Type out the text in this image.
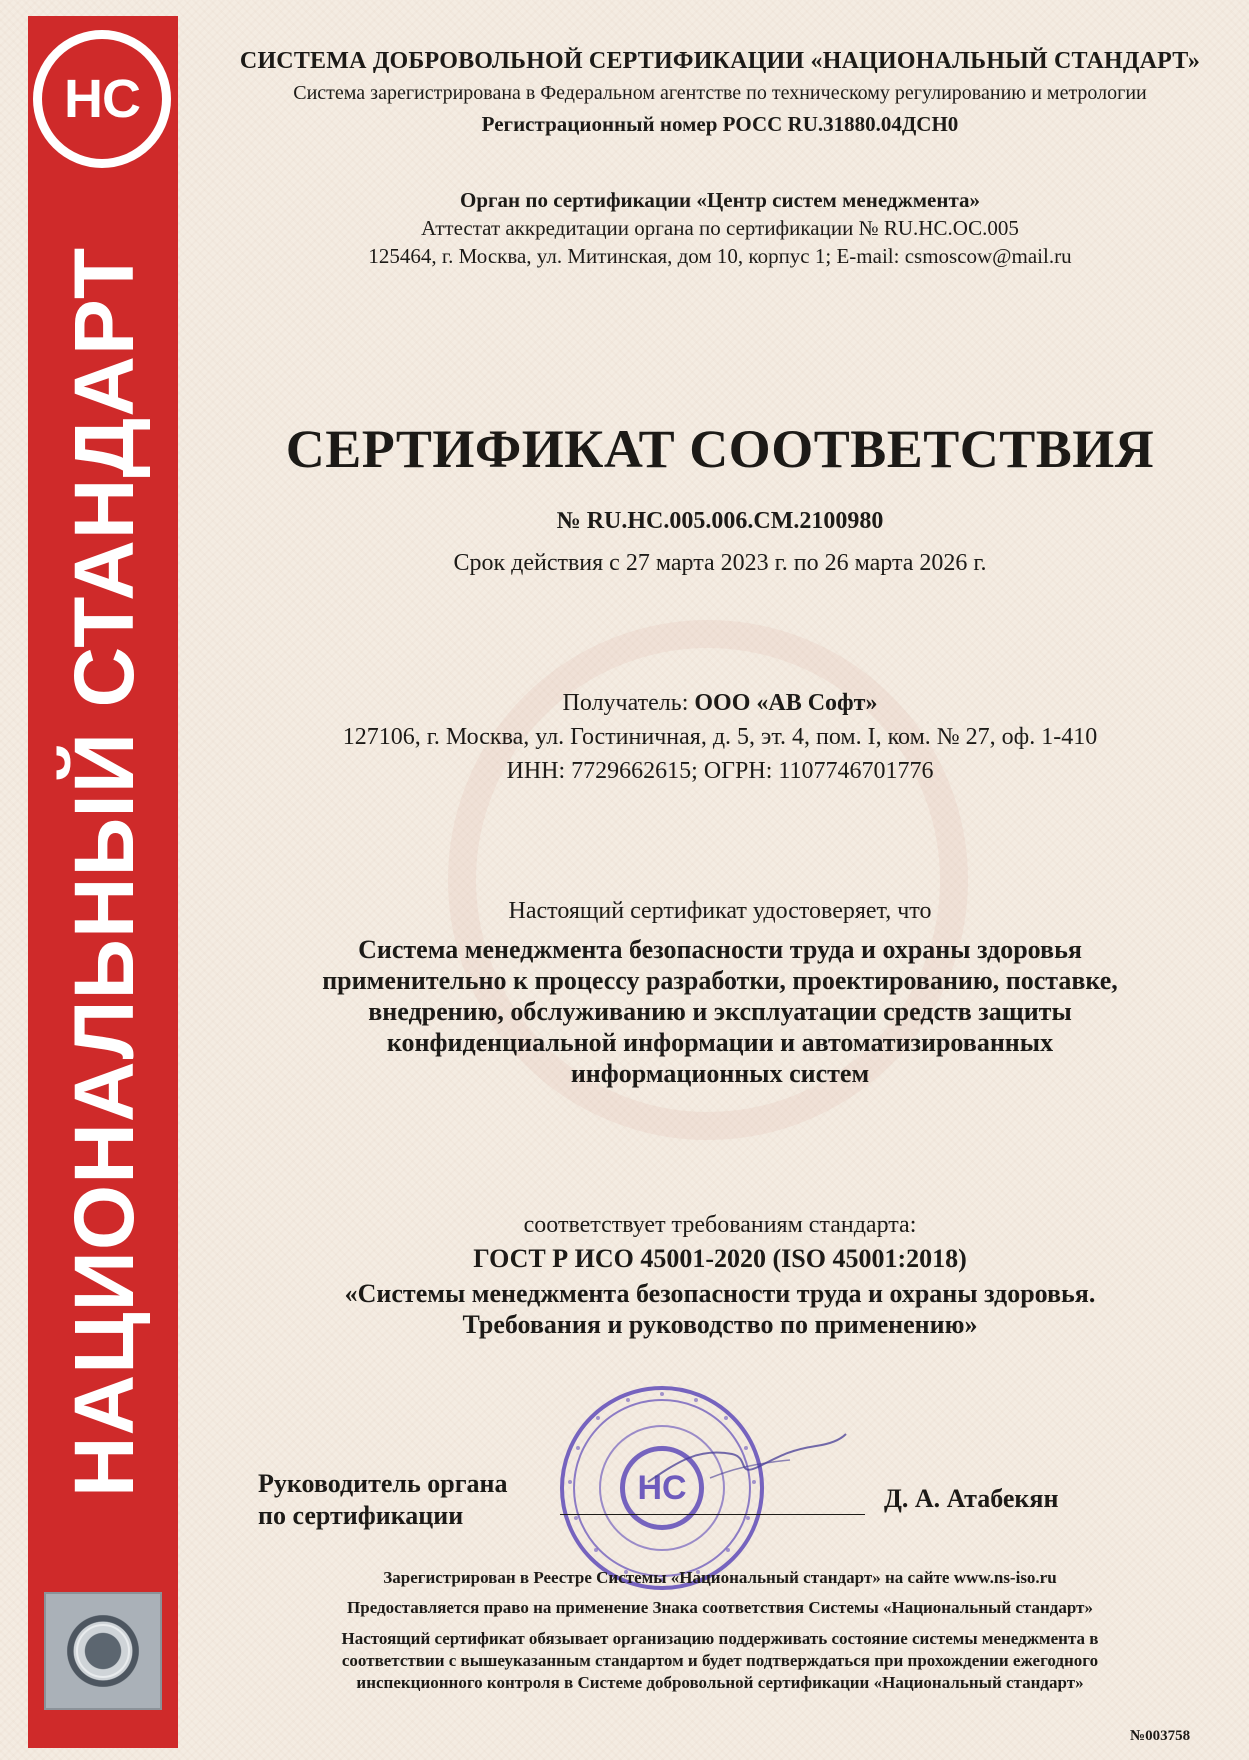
НС
НАЦИОНАЛЬНЫЙ СТАНДАРТ
СИСТЕМА ДОБРОВОЛЬНОЙ СЕРТИФИКАЦИИ «НАЦИОНАЛЬНЫЙ СТАНДАРТ»
Система зарегистрирована в Федеральном агентстве по техническому регулированию и метрологии
Регистрационный номер РОСС RU.31880.04ДСН0
Орган по сертификации «Центр систем менеджмента»
Аттестат аккредитации органа по сертификации № RU.НС.ОС.005
125464, г. Москва, ул. Митинская, дом 10, корпус 1; E-mail: csmoscow@mail.ru
СЕРТИФИКАТ СООТВЕТСТВИЯ
№ RU.НС.005.006.СМ.2100980
Срок действия с 27 марта 2023 г. по 26 марта 2026 г.
Получатель: ООО «АВ Софт»
127106, г. Москва, ул. Гостиничная, д. 5, эт. 4, пом. I, ком. № 27, оф. 1-410
ИНН: 7729662615; ОГРН: 1107746701776
Настоящий сертификат удостоверяет, что
Система менеджмента безопасности труда и охраны здоровья
применительно к процессу разработки, проектированию, поставке,
внедрению, обслуживанию и эксплуатации средств защиты
конфиденциальной информации и автоматизированных
информационных систем
соответствует требованиям стандарта:
ГОСТ Р ИСО 45001-2020 (ISO 45001:2018)
«Системы менеджмента безопасности труда и охраны здоровья.
Требования и руководство по применению»
Руководитель органа
по сертификации
НС	Д. А. Атабекян
Зарегистрирован в Реестре Системы «Национальный стандарт» на сайте www.ns-iso.ru
Предоставляется право на применение Знака соответствия Системы «Национальный стандарт»
Настоящий сертификат обязывает организацию поддерживать состояние системы менеджмента в
соответствии с вышеуказанным стандартом и будет подтверждаться при прохождении ежегодного
инспекционного контроля в Системе добровольной сертификации «Национальный стандарт»
№003758
